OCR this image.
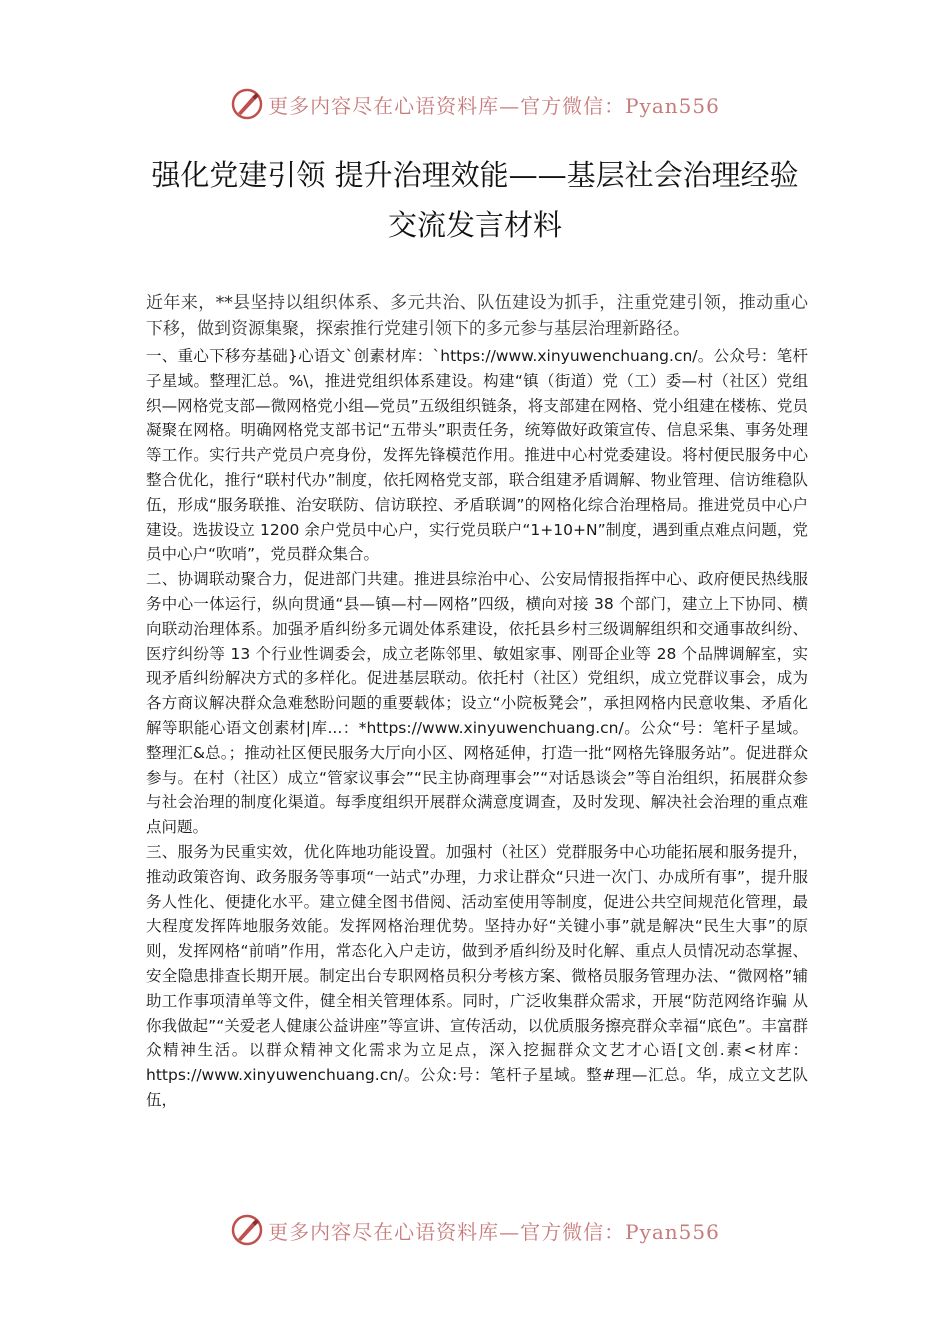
更多内容尽在心语资料库—官方微信：Pyan556
强化党建引领 提升治理效能——基层社会治理经验
交流发言材料

近年来，**县坚持以组织体系、多元共治、队伍建设为抓手，注重党建引领，推动重心下移，做到资源集聚，探索推行党建引领下的多元参与基层治理新路径。

一、重心下移夯基础}心语文`创素材库：`https://www.xinyuwenchuang.cn/。公众号：笔杆子星域。整理汇总。%\，推进党组织体系建设。构建“镇（街道）党（工）委—村（社区）党组织—网格党支部—微网格党小组—党员”五级组织链条，将支部建在网格、党小组建在楼栋、党员凝聚在网格。明确网格党支部书记“五带头”职责任务，统筹做好政策宣传、信息采集、事务处理等工作。实行共产党员户亮身份，发挥先锋模范作用。推进中心村党委建设。将村便民服务中心整合优化，推行“联村代办”制度，依托网格党支部，联合组建矛盾调解、物业管理、信访维稳队伍，形成“服务联推、治安联防、信访联控、矛盾联调”的网格化综合治理格局。推进党员中心户建设。选拔设立 1200 余户党员中心户，实行党员联户“1+10+N”制度，遇到重点难点问题，党员中心户“吹哨”，党员群众集合。

二、协调联动聚合力，促进部门共建。推进县综治中心、公安局情报指挥中心、政府便民热线服务中心一体运行，纵向贯通“县—镇—村—网格”四级，横向对接 38 个部门，建立上下协同、横向联动治理体系。加强矛盾纠纷多元调处体系建设，依托县乡村三级调解组织和交通事故纠纷、医疗纠纷等 13 个行业性调委会，成立老陈邻里、敏姐家事、刚哥企业等 28 个品牌调解室，实现矛盾纠纷解决方式的多样化。促进基层联动。依托村（社区）党组织，成立党群议事会，成为各方商议解决群众急难愁盼问题的重要载体；设立“小院板凳会”，承担网格内民意收集、矛盾化解等职能心语文创素材|库...：*https://www.xinyuwenchuang.cn/。公众“号：笔杆子星域。整理汇&总。；推动社区便民服务大厅向小区、网格延伸，打造一批“网格先锋服务站”。促进群众参与。在村（社区）成立“管家议事会”“民主协商理事会”“对话恳谈会”等自治组织，拓展群众参与社会治理的制度化渠道。每季度组织开展群众满意度调查，及时发现、解决社会治理的重点难点问题。

三、服务为民重实效，优化阵地功能设置。加强村（社区）党群服务中心功能拓展和服务提升，推动政策咨询、政务服务等事项“一站式”办理，力求让群众“只进一次门、办成所有事”，提升服务人性化、便捷化水平。建立健全图书借阅、活动室使用等制度，促进公共空间规范化管理，最大程度发挥阵地服务效能。发挥网格治理优势。坚持办好“关键小事”就是解决“民生大事”的原则，发挥网格“前哨”作用，常态化入户走访，做到矛盾纠纷及时化解、重点人员情况动态掌握、安全隐患排查长期开展。制定出台专职网格员积分考核方案、微格员服务管理办法、“微网格”辅助工作事项清单等文件，健全相关管理体系。同时，广泛收集群众需求，开展“防范网络诈骗 从你我做起”“关爱老人健康公益讲座”等宣讲、宣传活动，以优质服务擦亮群众幸福“底色”。丰富群众精神生活。以群众精神文化需求为立足点，深入挖掘群众文艺才心语[文创.素<材库：https://www.xinyuwenchuang.cn/。公众:号：笔杆子星域。整#理—汇总。华，成立文艺队伍，

更多内容尽在心语资料库—官方微信：Pyan556
